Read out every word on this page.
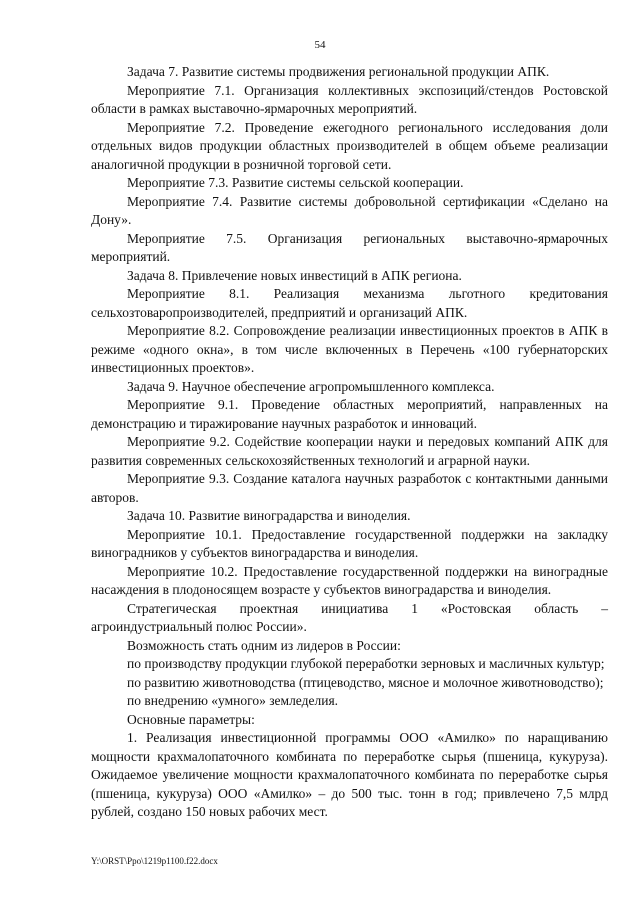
54

Задача 7. Развитие системы продвижения региональной продукции АПК.

Мероприятие 7.1. Организация коллективных экспозиций/стендов Ростовской области в рамках выставочно-ярмарочных мероприятий.

Мероприятие 7.2. Проведение ежегодного регионального исследования доли отдельных видов продукции областных производителей в общем объеме реализации аналогичной продукции в розничной торговой сети.

Мероприятие 7.3. Развитие системы сельской кооперации.

Мероприятие 7.4. Развитие системы добровольной сертификации «Сделано на Дону».

Мероприятие 7.5. Организация региональных выставочно-ярмарочных мероприятий.

Задача 8. Привлечение новых инвестиций в АПК региона.

Мероприятие 8.1. Реализация механизма льготного кредитования сельхозтоваропроизводителей, предприятий и организаций АПК.

Мероприятие 8.2. Сопровождение реализации инвестиционных проектов в АПК в режиме «одного окна», в том числе включенных в Перечень «100 губернаторских инвестиционных проектов».

Задача 9. Научное обеспечение агропромышленного комплекса.

Мероприятие 9.1. Проведение областных мероприятий, направленных на демонстрацию и тиражирование научных разработок и инноваций.

Мероприятие 9.2. Содействие кооперации науки и передовых компаний АПК для развития современных сельскохозяйственных технологий и аграрной науки.

Мероприятие 9.3. Создание каталога научных разработок с контактными данными авторов.

Задача 10. Развитие виноградарства и виноделия.

Мероприятие 10.1. Предоставление государственной поддержки на закладку виноградников у субъектов виноградарства и виноделия.

Мероприятие 10.2. Предоставление государственной поддержки на виноградные насаждения в плодоносящем возрасте у субъектов виноградарства и виноделия.

Стратегическая проектная инициатива 1 «Ростовская область – агроиндустриальный полюс России».

Возможность стать одним из лидеров в России:

по производству продукции глубокой переработки зерновых и масличных культур;

по развитию животноводства (птицеводство, мясное и молочное животноводство);

по внедрению «умного» земледелия.

Основные параметры:

1. Реализация инвестиционной программы ООО «Амилко» по наращиванию мощности крахмалопаточного комбината по переработке сырья (пшеница, кукуруза). Ожидаемое увеличение мощности крахмалопаточного комбината по переработке сырья (пшеница, кукуруза) ООО «Амилко» – до 500 тыс. тонн в год; привлечено 7,5 млрд рублей, создано 150 новых рабочих мест.

Y:\ORST\Ppo\1219p1100.f22.docx
